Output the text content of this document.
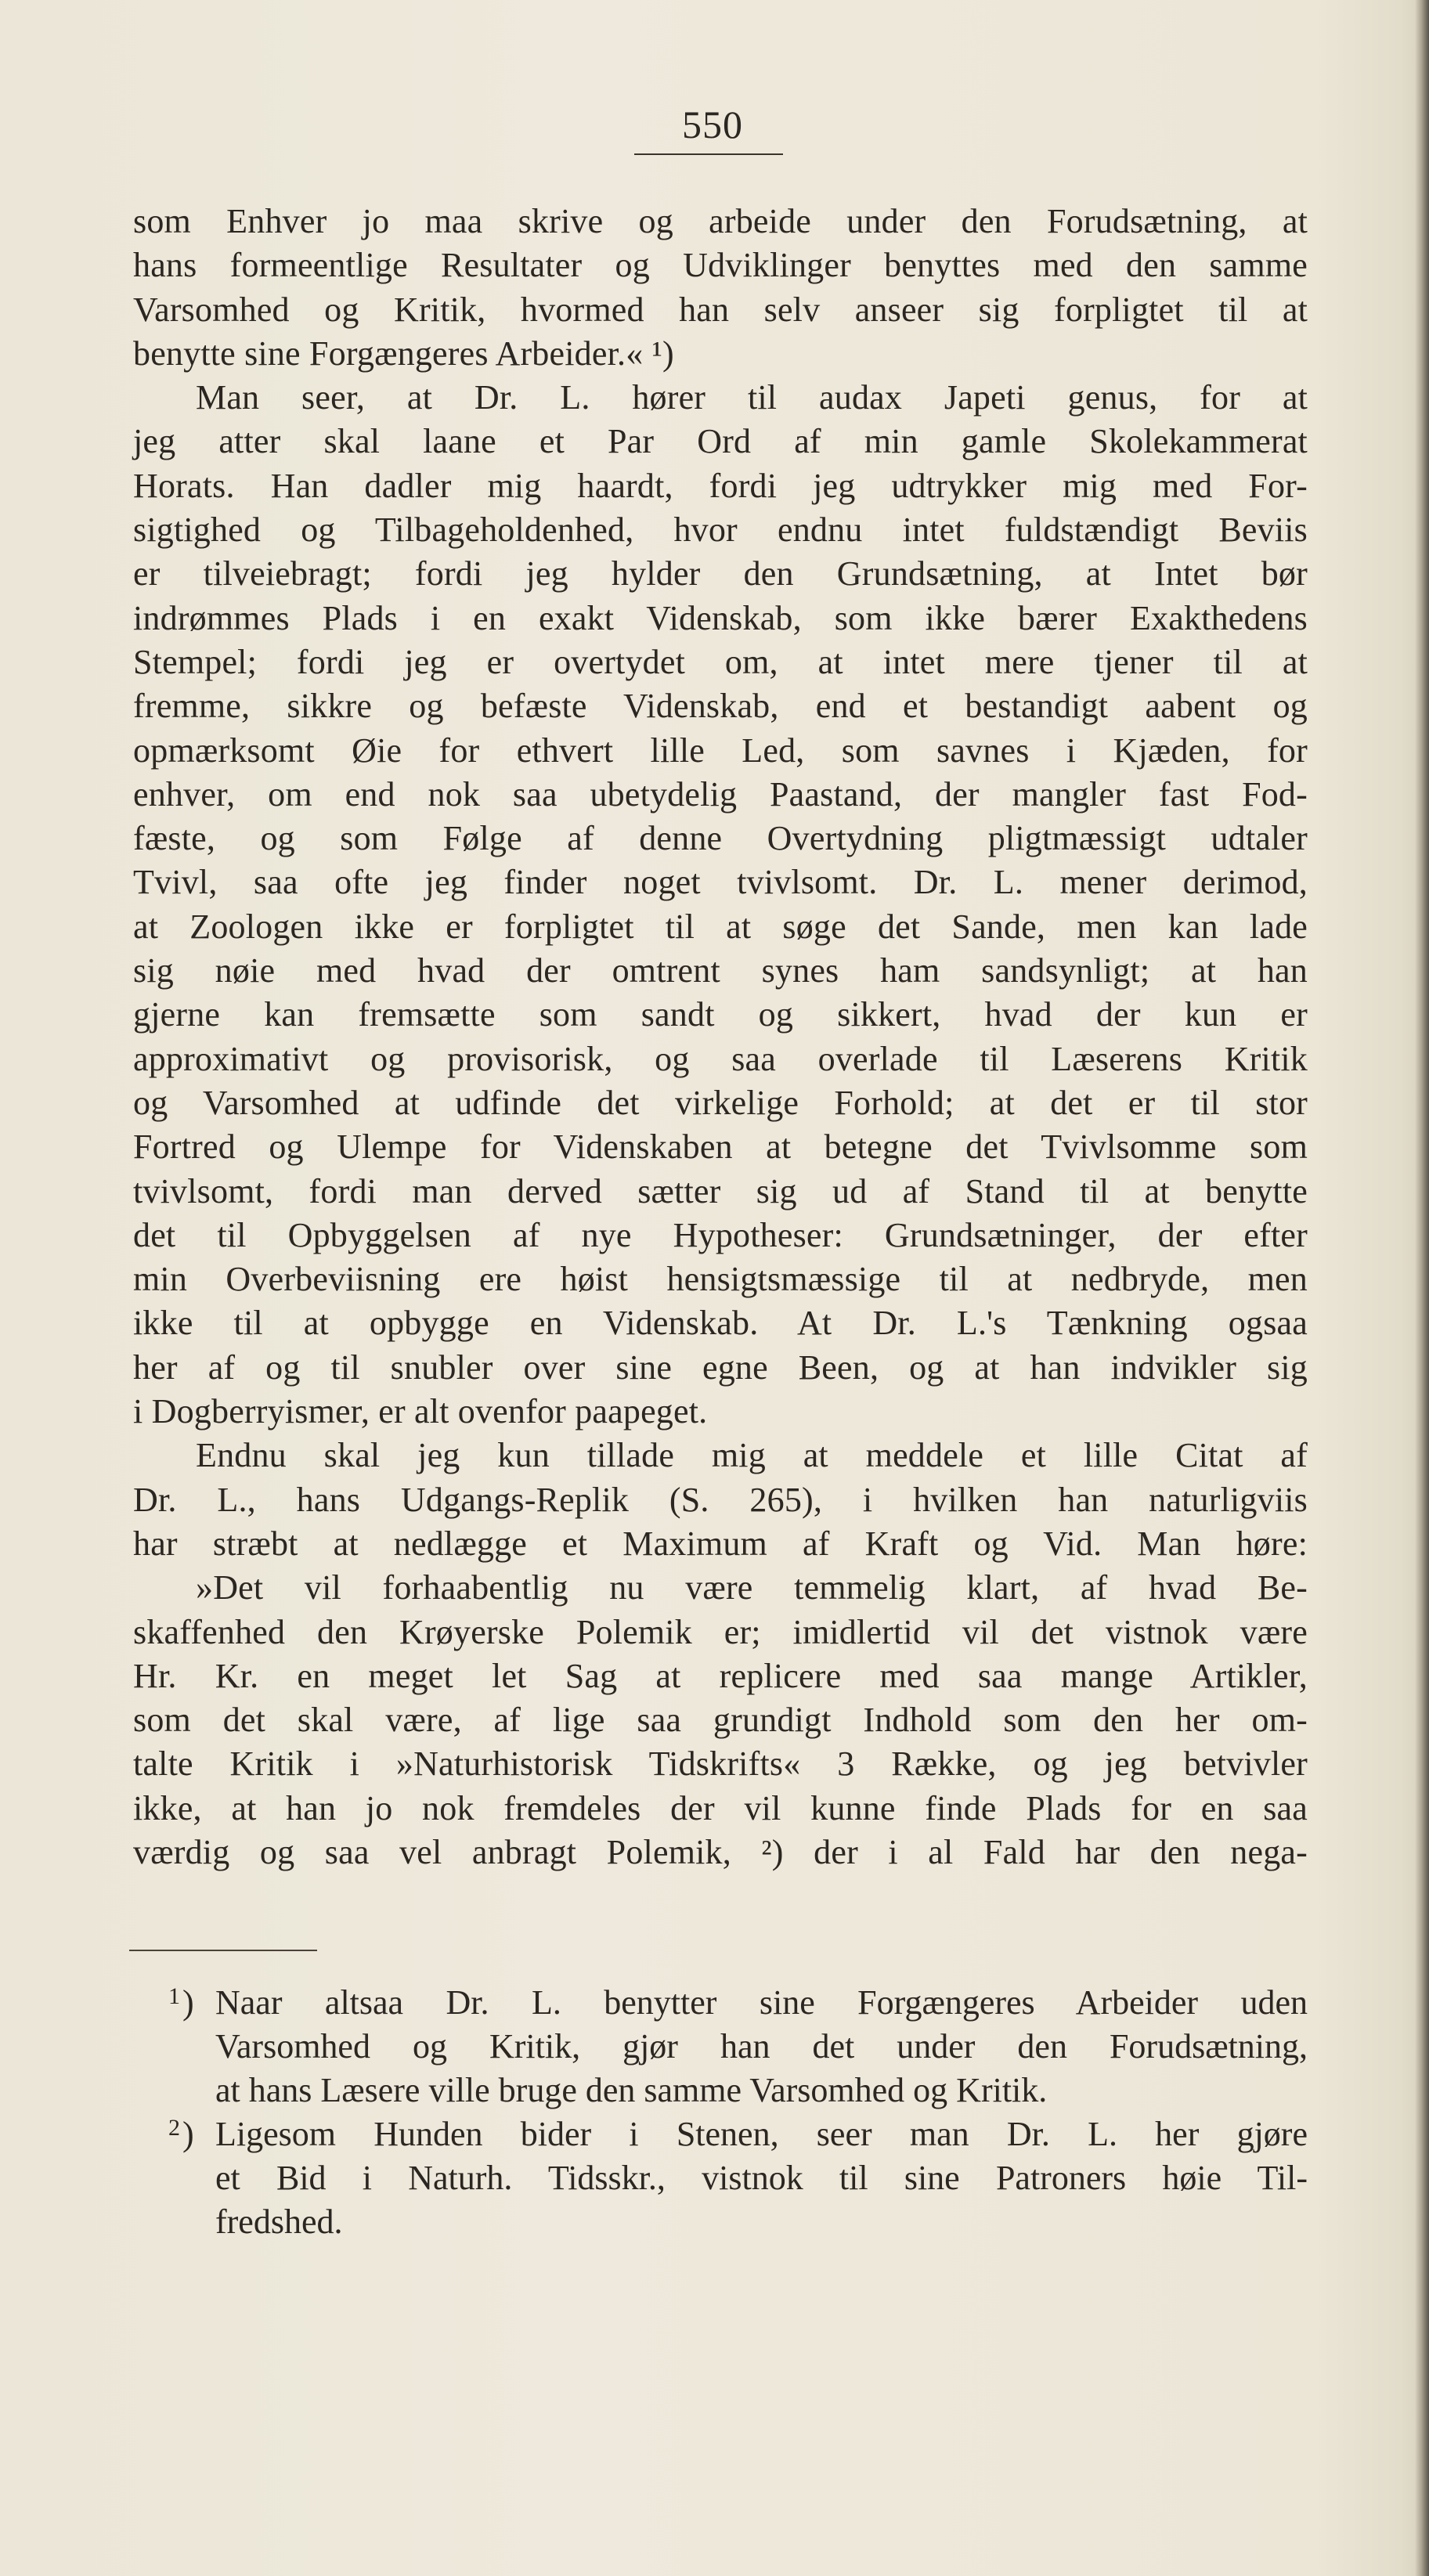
550
som Enhver jo maa skrive og arbeide under den Forudsætning, at
hans formeentlige Resultater og Udviklinger benyttes med den samme
Varsomhed og Kritik, hvormed han selv anseer sig forpligtet til at
benytte sine Forgængeres Arbeider.« ¹)
Man seer, at Dr. L. hører til audax Japeti genus, for at
jeg atter skal laane et Par Ord af min gamle Skolekammerat
Horats. Han dadler mig haardt, fordi jeg udtrykker mig med For-
sigtighed og Tilbageholdenhed, hvor endnu intet fuldstændigt Beviis
er tilveiebragt; fordi jeg hylder den Grundsætning, at Intet bør
indrømmes Plads i en exakt Videnskab, som ikke bærer Exakthedens
Stempel; fordi jeg er overtydet om, at intet mere tjener til at
fremme, sikkre og befæste Videnskab, end et bestandigt aabent og
opmærksomt Øie for ethvert lille Led, som savnes i Kjæden, for
enhver, om end nok saa ubetydelig Paastand, der mangler fast Fod-
fæste, og som Følge af denne Overtydning pligtmæssigt udtaler
Tvivl, saa ofte jeg finder noget tvivlsomt. Dr. L. mener derimod,
at Zoologen ikke er forpligtet til at søge det Sande, men kan lade
sig nøie med hvad der omtrent synes ham sandsynligt; at han
gjerne kan fremsætte som sandt og sikkert, hvad der kun er
approximativt og provisorisk, og saa overlade til Læserens Kritik
og Varsomhed at udfinde det virkelige Forhold; at det er til stor
Fortred og Ulempe for Videnskaben at betegne det Tvivlsomme som
tvivlsomt, fordi man derved sætter sig ud af Stand til at benytte
det til Opbyggelsen af nye Hypotheser: Grundsætninger, der efter
min Overbeviisning ere høist hensigtsmæssige til at nedbryde, men
ikke til at opbygge en Videnskab. At Dr. L.'s Tænkning ogsaa
her af og til snubler over sine egne Been, og at han indvikler sig
i Dogberryismer, er alt ovenfor paapeget.
Endnu skal jeg kun tillade mig at meddele et lille Citat af
Dr. L., hans Udgangs-Replik (S. 265), i hvilken han naturligviis
har stræbt at nedlægge et Maximum af Kraft og Vid. Man høre:
»Det vil forhaabentlig nu være temmelig klart, af hvad Be-
skaffenhed den Krøyerske Polemik er; imidlertid vil det vistnok være
Hr. Kr. en meget let Sag at replicere med saa mange Artikler,
som det skal være, af lige saa grundigt Indhold som den her om-
talte Kritik i »Naturhistorisk Tidskrifts« 3 Række, og jeg betvivler
ikke, at han jo nok fremdeles der vil kunne finde Plads for en saa
værdig og saa vel anbragt Polemik, ²) der i al Fald har den nega-
1 ) Naar altsaa Dr. L. benytter sine Forgængeres Arbeider uden
Varsomhed og Kritik, gjør han det under den Forudsætning,
at hans Læsere ville bruge den samme Varsomhed og Kritik.
2 ) Ligesom Hunden bider i Stenen, seer man Dr. L. her gjøre
et Bid i Naturh. Tidsskr., vistnok til sine Patroners høie Til-
fredshed.
